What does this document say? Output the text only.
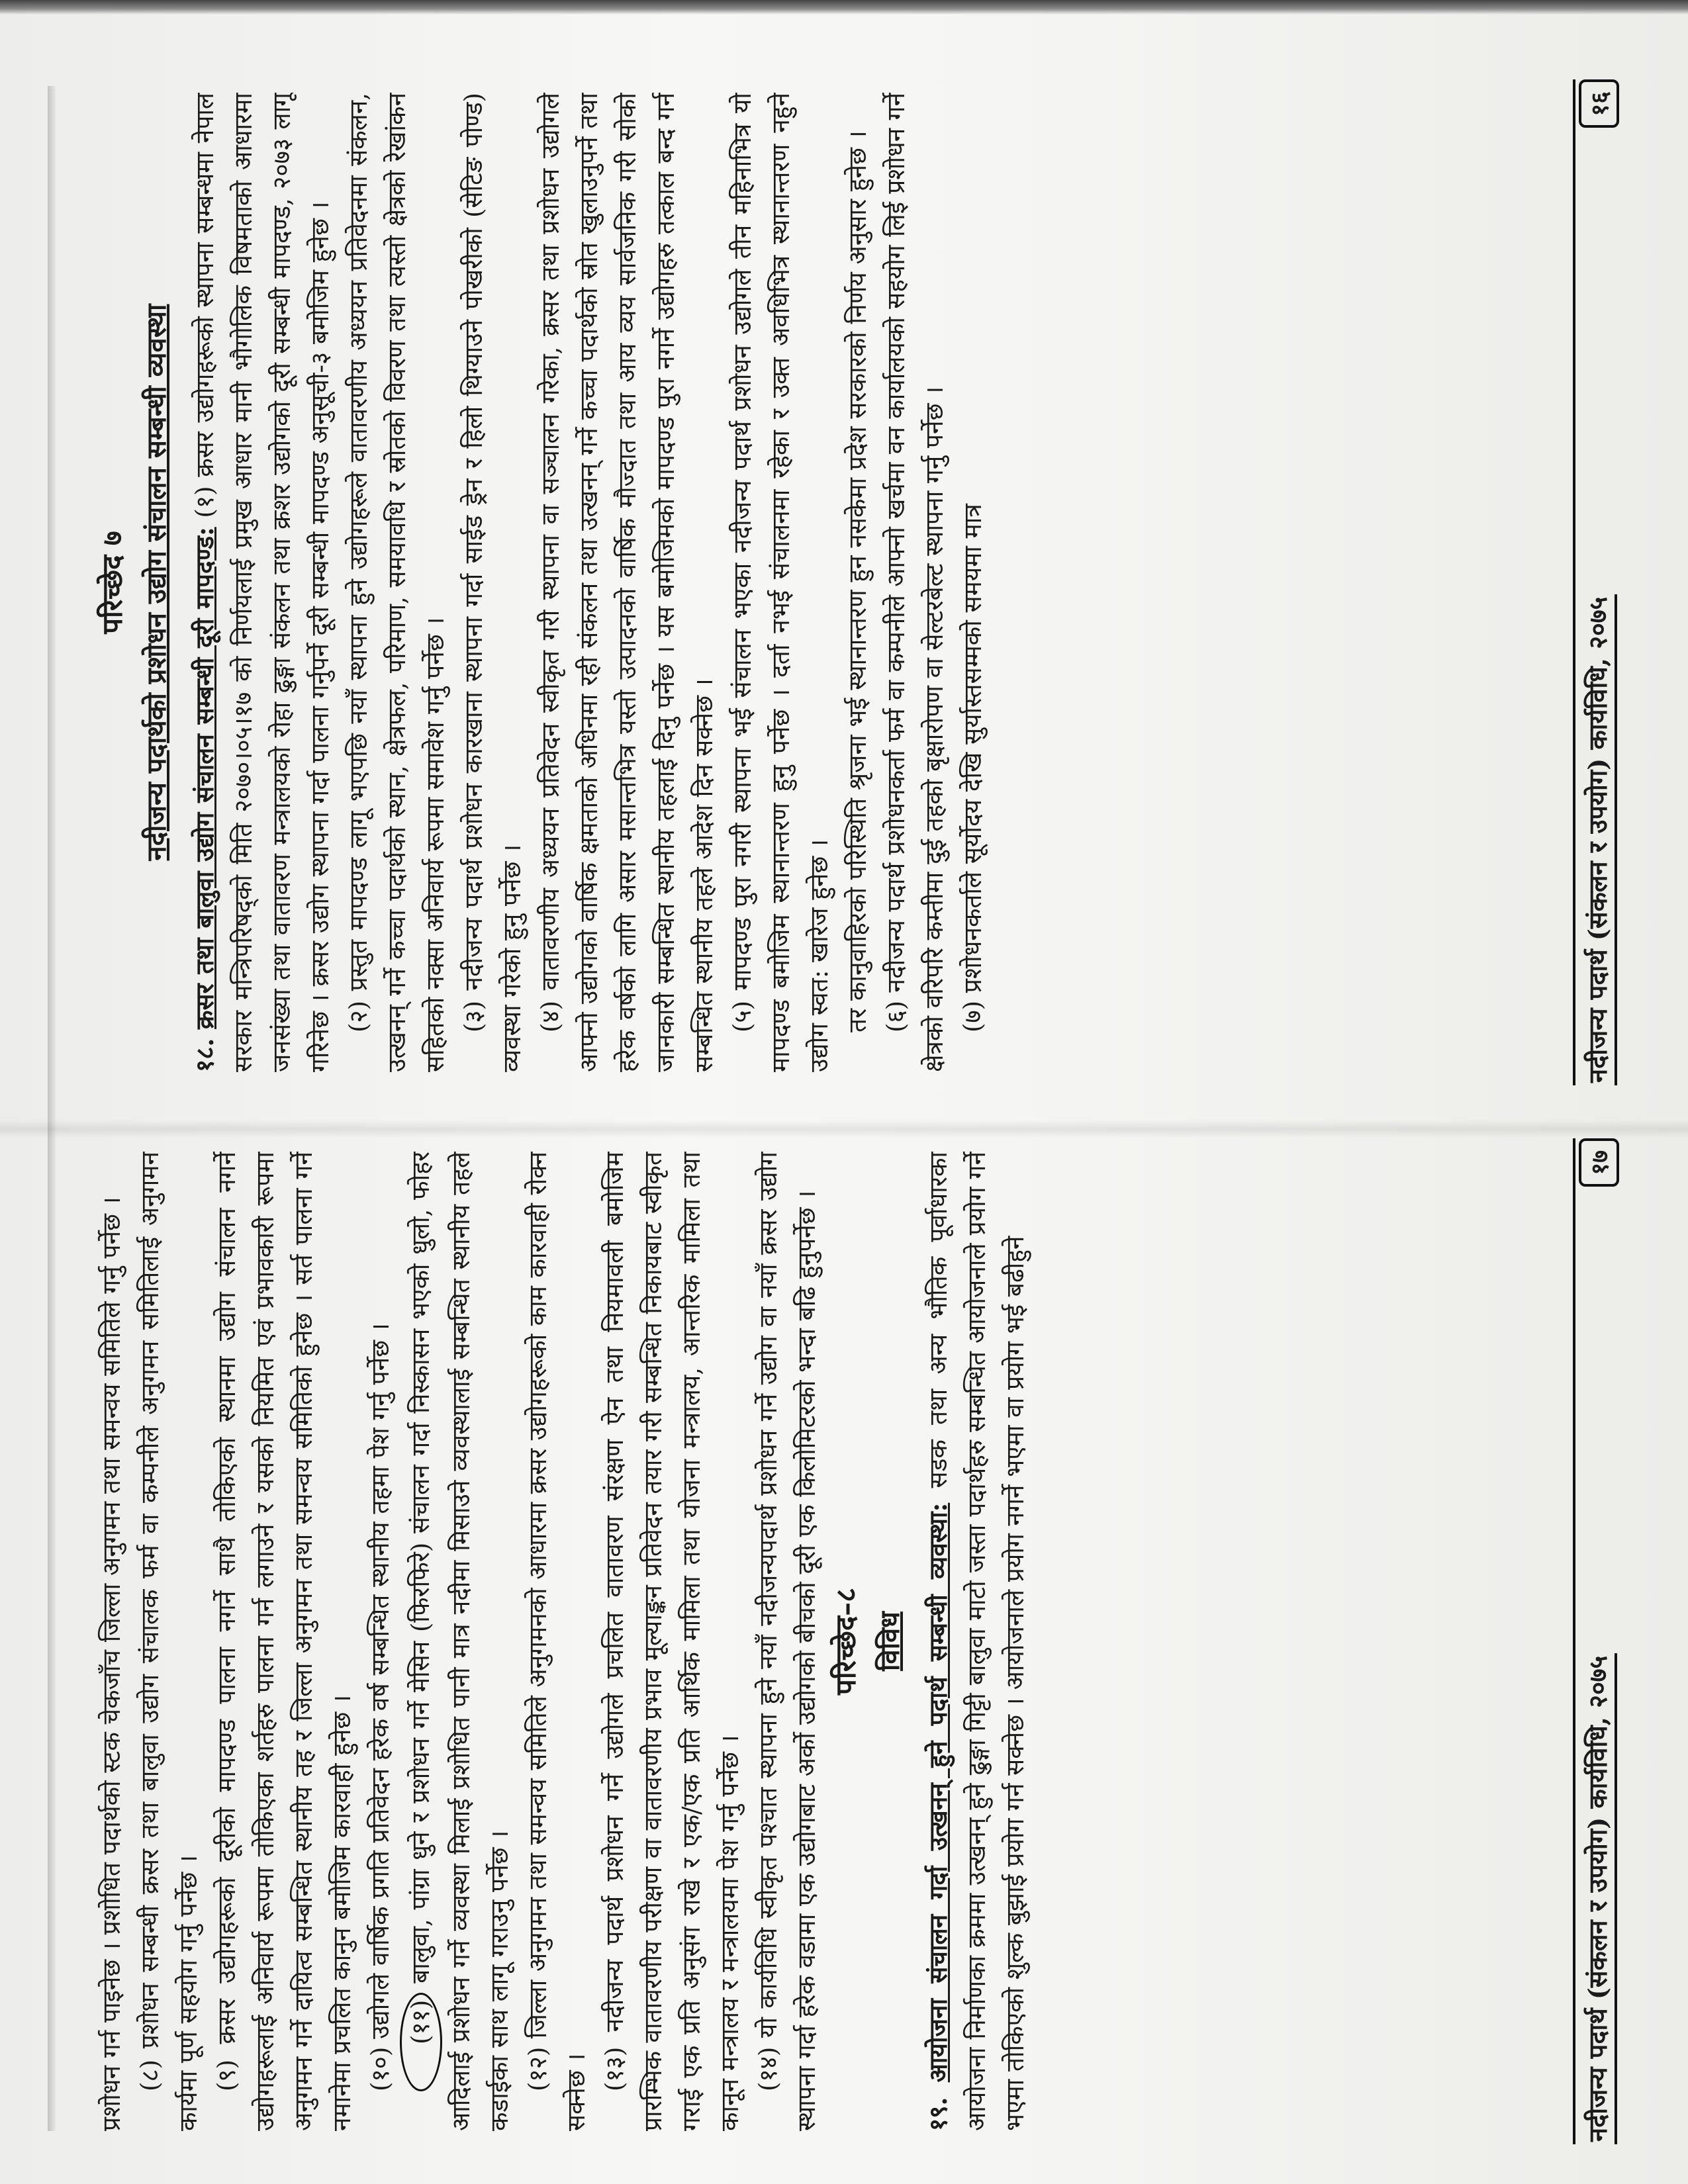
परिच्छेद ७ नदीजन्य पदार्थको प्रशोधन उद्योग संचालन सम्बन्धी व्यवस्था

१८. क्रसर तथा बालुवा उद्योग संचालन सम्बन्धी दूरी मापदण्ड: (१) क्रसर उद्योगहरूको स्थापना सम्बन्धमा नेपाल सरकार मन्त्रिपरिषद्को मिति २०७०।०५।१७ को निर्णयलाई प्रमुख आधार मानी भौगोलिक विषमताको आधारमा जनसंख्या तथा वातावरण मन्त्रालयको रोहा ढुङ्गा संकलन तथा क्रशर उद्योगको दूरी सम्बन्धी मापदण्ड, २०७३ लागू गरिनेछ । क्रसर उद्योग स्थापना गर्दा पालना गर्नुपर्ने दूरी सम्बन्धी मापदण्ड अनुसूची-३ बमोजिम हुनेछ । (२) प्रस्तुत मापदण्ड लागू भएपछि नयाँ स्थापना हुने उद्योगहरूले वातावरणीय अध्ययन प्रतिवेदनमा संकलन, उत्खनन् गर्ने कच्चा पदार्थको स्थान, क्षेत्रफल, परिमाण, समयावधि र स्रोतको विवरण तथा त्यस्तो क्षेत्रको रेखांकन सहितको नक्सा अनिवार्य रूपमा समावेश गर्नु पर्नेछ । (३) नदीजन्य पदार्थ प्रशोधन कारखाना स्थापना गर्दा साईड ड्रेन र हिलो थिग्याउने पोखरीको (सेटिङ पोण्ड) व्यवस्था गरेको हुनु पर्नेछ । (४) वातावरणीय अध्ययन प्रतिवेदन स्वीकृत गरी स्थापना वा सञ्चालन गरेका, क्रसर तथा प्रशोधन उद्योगले आफ्नो उद्योगको वार्षिक क्षमताको अधिनमा रही संकलन तथा उत्खनन् गर्ने कच्चा पदार्थको स्रोत खुलाउनुपर्ने तथा हरेक वर्षको लागि असार मसान्तभित्र यस्तो उत्पादनको वार्षिक मौज्दात तथा आय व्यय सार्वजनिक गरी सोको जानकारी सम्बन्धित स्थानीय तहलाई दिनु पर्नेछ । यस बमोजिमको मापदण्ड पुरा नगर्ने उद्योगहरु तत्काल बन्द गर्न सम्बन्धित स्थानीय तहले आदेश दिन सक्नेछ । (५) मापदण्ड पुरा नगरी स्थापना भई संचालन भएका नदीजन्य पदार्थ प्रशोधन उद्योगले तीन महिनाभित्र यो मापदण्ड बमोजिम स्थानान्तरण हुनु पर्नेछ । दर्ता नभई संचालनमा रहेका र उक्त अवधिभित्र स्थानान्तरण नहुने उद्योग स्वत: खारेज हुनेछ । तर कानुवाहिरको परिस्थिति श्रृजना भई स्थानान्तरण हुन नसकेमा प्रदेश सरकारको निर्णय अनुसार हुनेछ । (६) नदीजन्य पदार्थ प्रशोधनकर्ता फर्म वा कम्पनीले आफ्नो खर्चमा वन कार्यालयको सहयोग लिई प्रशोधन गर्ने क्षेत्रको वरिपरि कम्तीमा दुई तहको बृक्षारोपण वा सेल्टरबेल्ट स्थापना गर्नु पर्नेछ । (७) प्रशोधनकर्ताले सूर्योदय देखि सुर्यास्तसम्मको समयमा मात्र	नदीजन्य पदार्थ (संकलन र उपयोग) कार्यविधि, २०७५
१६

प्रशोधन गर्न पाइनेछ । प्रशोधित पदार्थको स्टक चेकजाँच जिल्ला अनुगमन तथा समन्वय समितिले गर्नु पर्नेछ । (८) प्रशोधन सम्बन्धी क्रसर तथा बालुवा उद्योग संचालक फर्म वा कम्पनीले अनुगमन समितिलाई अनुगमन कार्यमा पूर्ण सहयोग गर्नु पर्नेछ । (९) क्रसर उद्योगहरूको दूरीको मापदण्ड पालना नगर्ने साथै तोकिएको स्थानमा उद्योग संचालन नगर्ने उद्योगहरूलाई अनिवार्य रूपमा तोकिएका शर्तहरु पालना गर्न लगाउने र यसको नियमित एवं प्रभावकारी रूपमा अनुगमन गर्ने दायित्व सम्बन्धित स्थानीय तह र जिल्ला अनुगमन तथा समन्वय समितिको हुनेछ । सर्त पालना गर्ने नमानेमा प्रचलित कानुन बमोजिम कारवाही हुनेछ । (१०) उद्योगले वार्षिक प्रगति प्रतिवेदन हरेक वर्ष सम्बन्धित स्थानीय तहमा पेश गर्नु पर्नेछ । (११) बालुवा, पांग्रा धुने र प्रशोधन गर्ने मेसिन (फिरफिरे) संचालन गर्दा निस्कासन भएको धुलो, फोहर आदिलाई प्रशोधन गर्ने व्यवस्था मिलाई प्रशोधित पानी मात्र नदीमा मिसाउने व्यवस्थालाई सम्बन्धित स्थानीय तहले कडाईका साथ लागू गराउनु पर्नेछ । (१२) जिल्ला अनुगमन तथा समन्वय समितिले अनुगमनको आधारमा क्रसर उद्योगहरूको काम कारवाही रोक्न सक्नेछ ।

(१३) नदीजन्य पदार्थ प्रशोधन गर्ने उद्योगले प्रचलित वातावरण संरक्षण ऐन तथा नियमावली बमोजिम प्रारम्भिक वातावरणीय परीक्षण वा वातावरणीय प्रभाव मूल्याङ्कन प्रतिवेदन तयार गरी सम्बन्धित निकायबाट स्वीकृत गराई एक प्रति अनुसंग राखे र एक/एक प्रति आर्थिक मामिला तथा योजना मन्त्रालय, आन्तरिक मामिला तथा कानून मन्त्रालय र मन्त्रालयमा पेश गर्नु पर्नेछ । (१४) यो कार्यविधि स्वीकृत पश्चात स्थापना हुने नयाँ नदीजन्यपदार्थ प्रशोधन गर्ने उद्योग वा नयाँ क्रसर उद्योग स्थापना गर्दा हरेक वडामा एक उद्योगबाट अर्को उद्योगको बीचको दूरी एक किलोमिटरको भन्दा बढि हुनुपर्नेछ । परिच्छेद–८ विविध

१९. आयोजना संचालन गर्दा उत्खनन् हुने पदार्थ सम्बन्धी व्यवस्था: सडक तथा अन्य भौतिक पूर्वाधारका आयोजना निर्माणका क्रममा उत्खनन् हुने ढुङ्गा गिट्टी बालुवा माटो जस्ता पदार्थहरु सम्बन्धित आयोजनाले प्रयोग गर्ने भएमा तोकिएको शुल्क बुझाई प्रयोग गर्न सक्नेछ । आयोजनाले प्रयोग नगर्ने भएमा वा प्रयोग भई बढीहुने	नदीजन्य पदार्थ (संकलन र उपयोग) कार्यविधि, २०७५
१७
